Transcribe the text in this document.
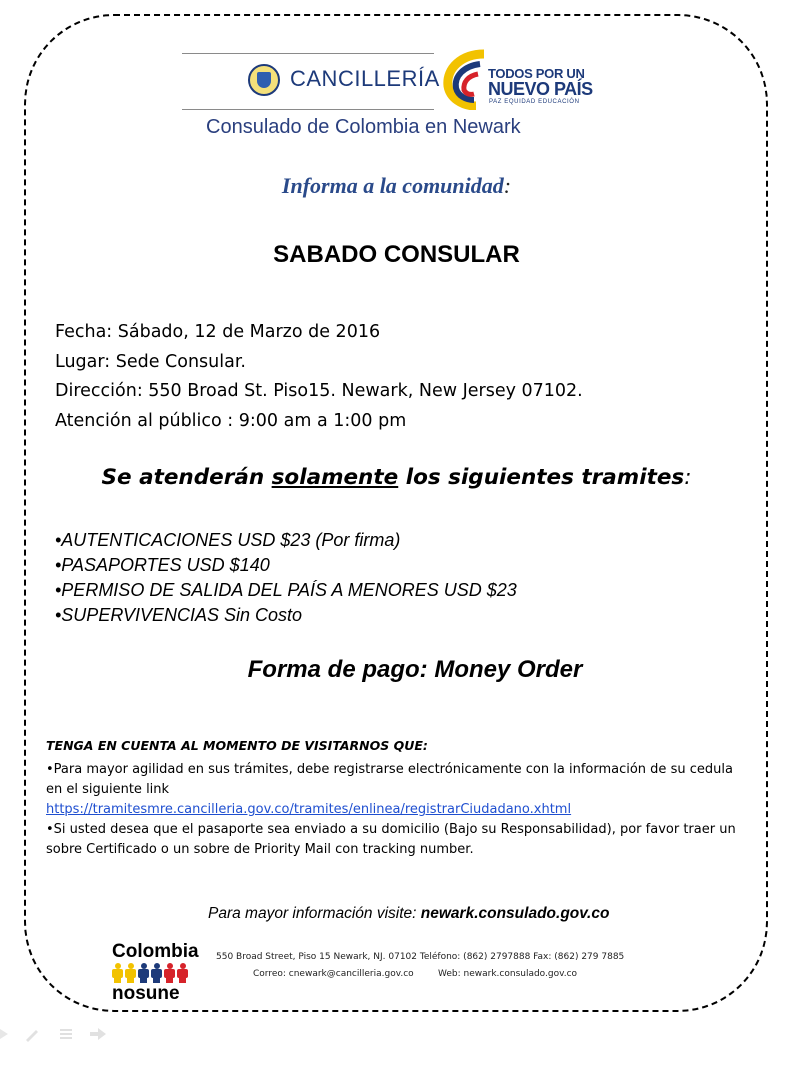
CANCILLERÍA	TODOS POR UN
NUEVO PAÍS
PAZ EQUIDAD EDUCACIÓN
Consulado de Colombia en Newark
Informa a la comunidad:
SABADO CONSULAR
Fecha: Sábado, 12 de Marzo de 2016
Lugar: Sede Consular.
Dirección: 550 Broad St. Piso15. Newark, New Jersey 07102.
Atención al público : 9:00 am a 1:00 pm
Se atenderán solamente los siguientes tramites:
•AUTENTICACIONES USD $23 (Por firma)
•PASAPORTES USD $140
•PERMISO DE SALIDA DEL PAÍS A MENORES USD $23
•SUPERVIVENCIAS Sin Costo
Forma de pago: Money Order
TENGA EN CUENTA AL MOMENTO DE VISITARNOS QUE:
•Para mayor agilidad en sus trámites, debe registrarse electrónicamente con la información de su cedula en el siguiente link
https://tramitesmre.cancilleria.gov.co/tramites/enlinea/registrarCiudadano.xhtml
•Si usted desea que el pasaporte sea enviado a su domicilio (Bajo su Responsabilidad), por favor traer un sobre Certificado o un sobre de Priority Mail con tracking number.
Para mayor información visite: newark.consulado.gov.co
Colombia
nosune
550 Broad Street, Piso 15 Newark, NJ. 07102 Teléfono: (862) 2797888 Fax: (862) 279 7885
Correo: cnewark@cancilleria.gov.co	Web: newark.consulado.gov.co
